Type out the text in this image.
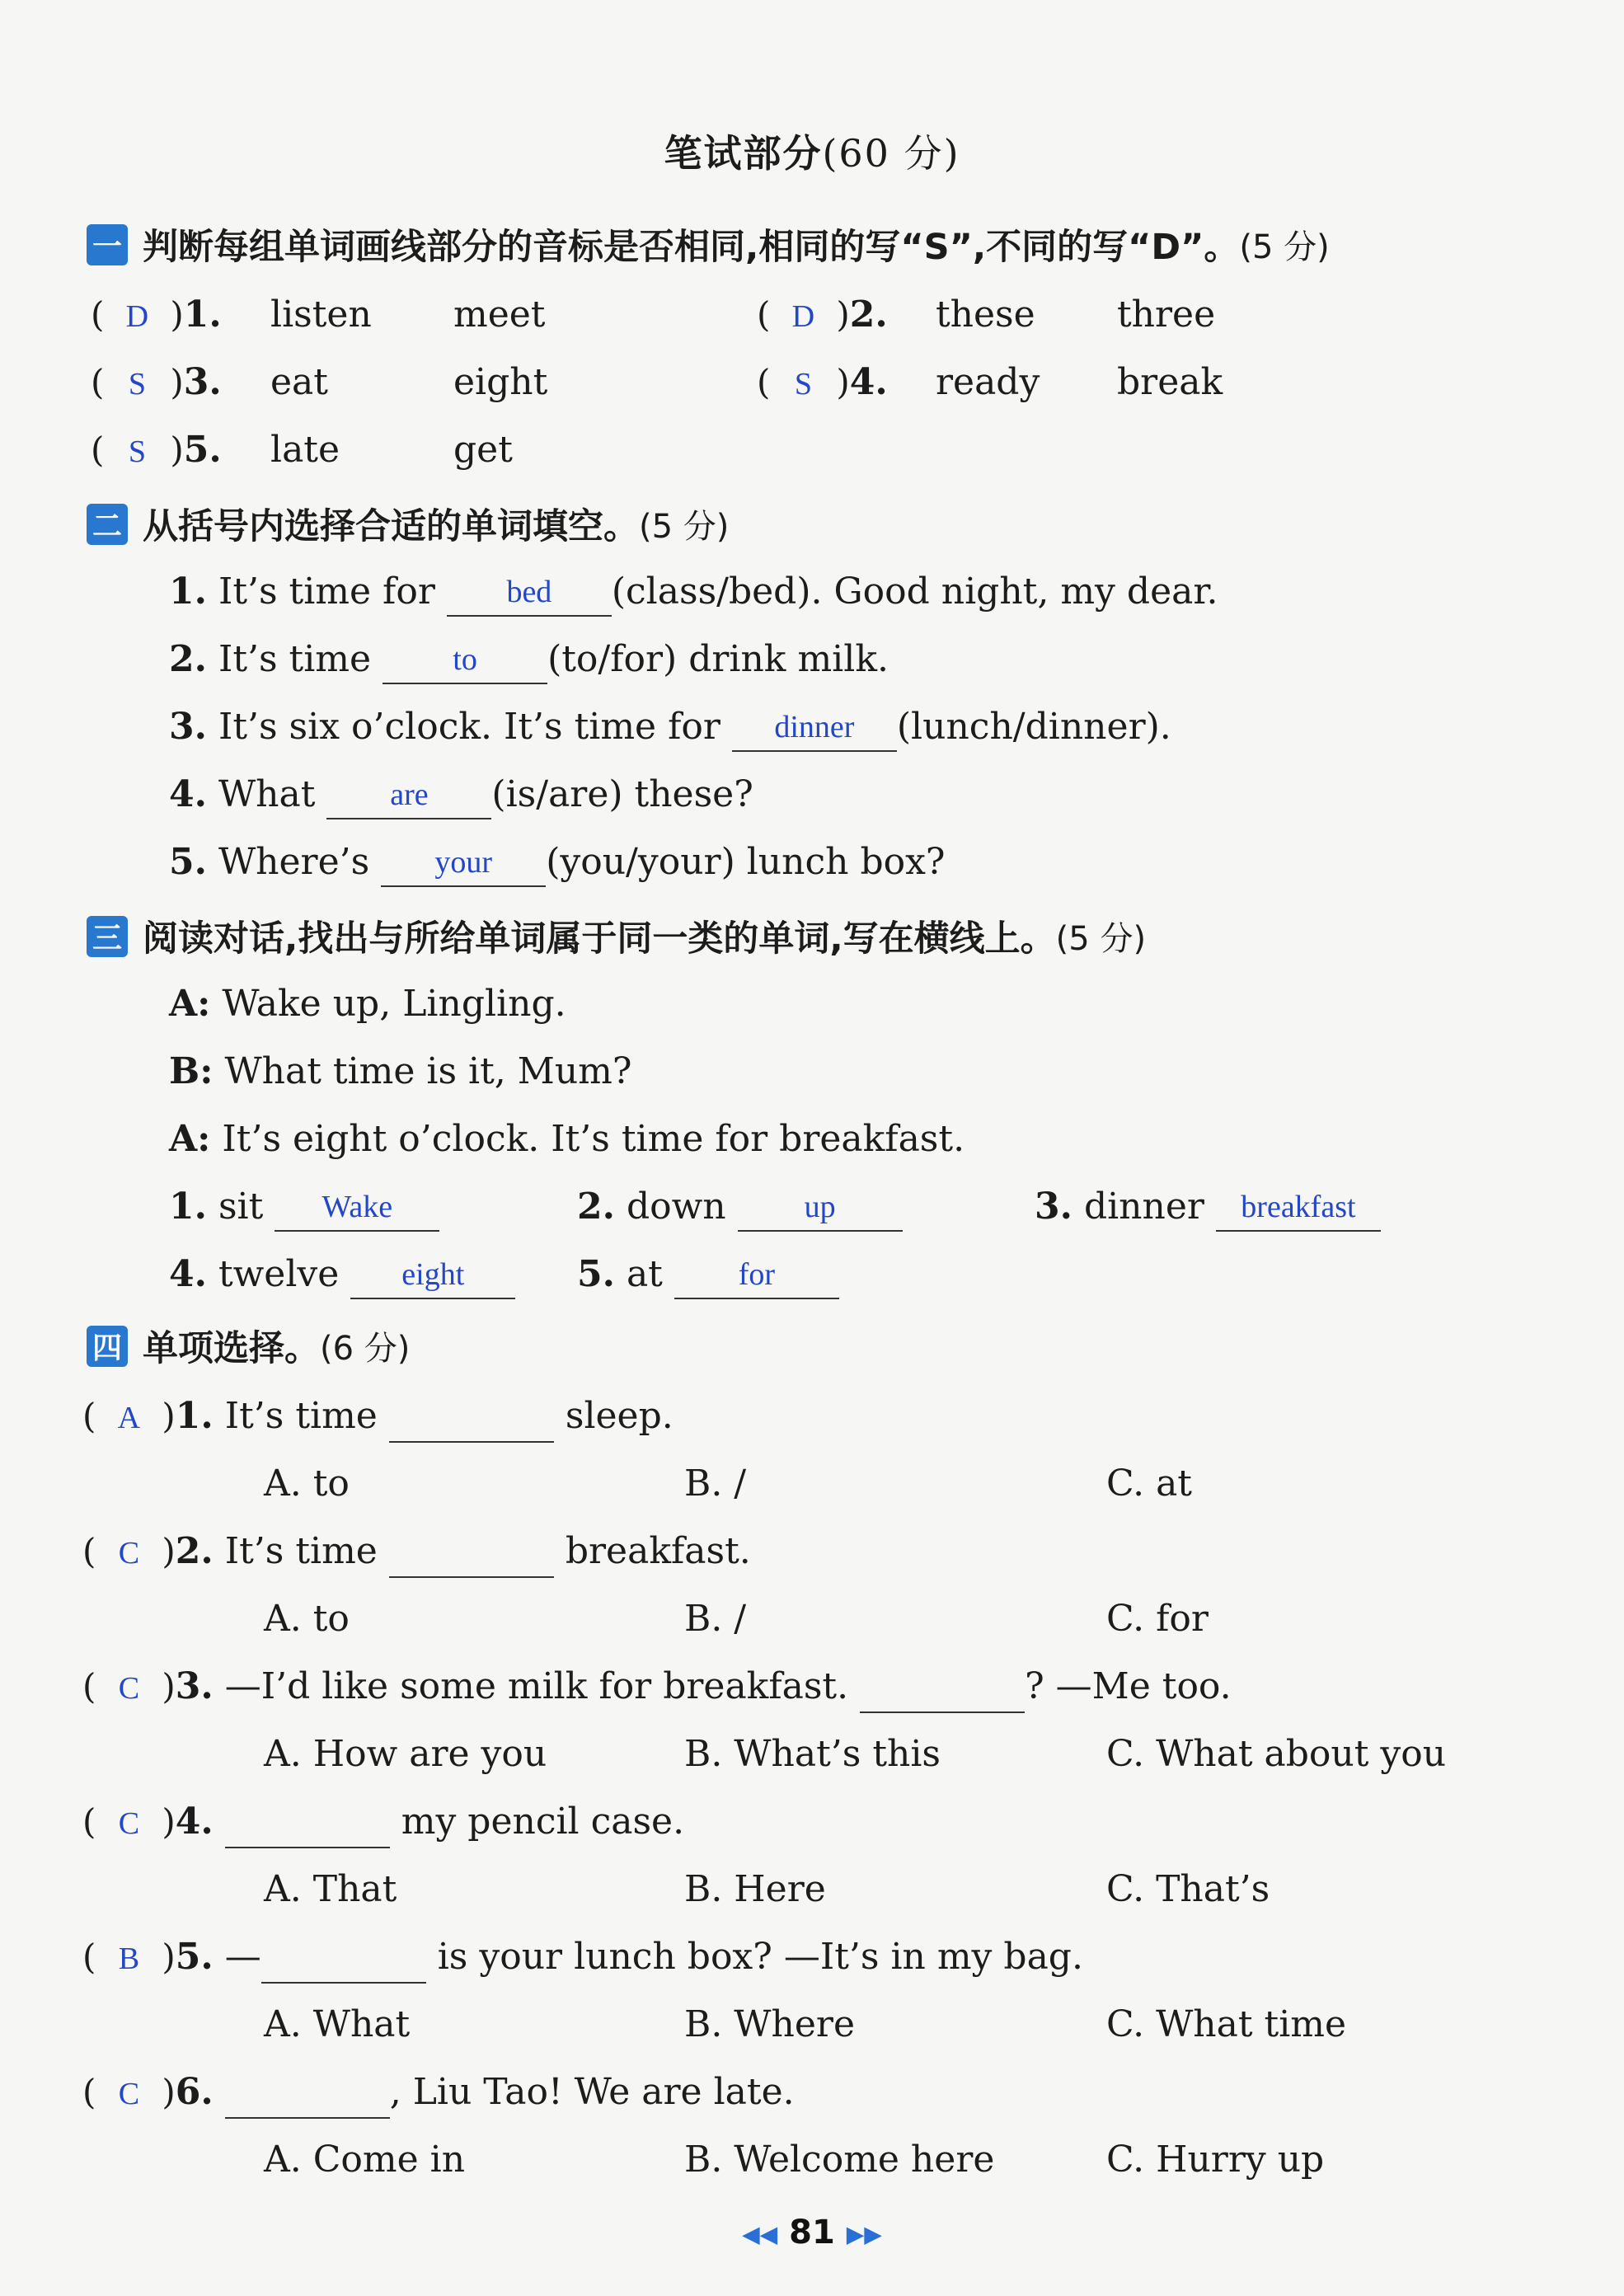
笔试部分(60 分)
一 判断每组单词画线部分的音标是否相同,相同的写“S”,不同的写“D”。 (5 分)
( D )1. listen meet	( D )2. these three
( S )3. eat	eight	( S )4. ready break
( S )5. late	get
二 从括号内选择合适的单词填空。 (5 分)
1. It’s time for bed (class/bed). Good night, my dear.
2. It’s time	to (to/for) drink milk.
3. It’s six o’clock. It’s time for dinner (lunch/dinner).
4. What are (is/are) these?
5. Where’s your (you/your) lunch box?
三 阅读对话,找出与所给单词属于同一类的单词,写在横线上。 (5 分)
A: Wake up, Lingling.
B: What time is it, Mum?
A: It’s eight o’clock. It’s time for breakfast.
1. sit Wake	2. down	up	3. dinner breakfast
4. twelve eight	5. at for
四 单项选择。 (6 分)
( A )1. It’s time	sleep.
A. to	B. /	C. at
( C )2. It’s time	breakfast.
A. to	B. /	C. for
( C )3. —I’d like some milk for breakfast.	? —Me too.
A. How are you	B. What’s this	C. What about you
( C )4.	my pencil case.
A. That	B. Here	C. That’s
( B )5. —	is your lunch box? —It’s in my bag.
A. What	B. Where	C. What time
( C )6.	, Liu Tao! We are late.
A. Come in	B. Welcome here	C. Hurry up
◀◀ 81 ▶▶
